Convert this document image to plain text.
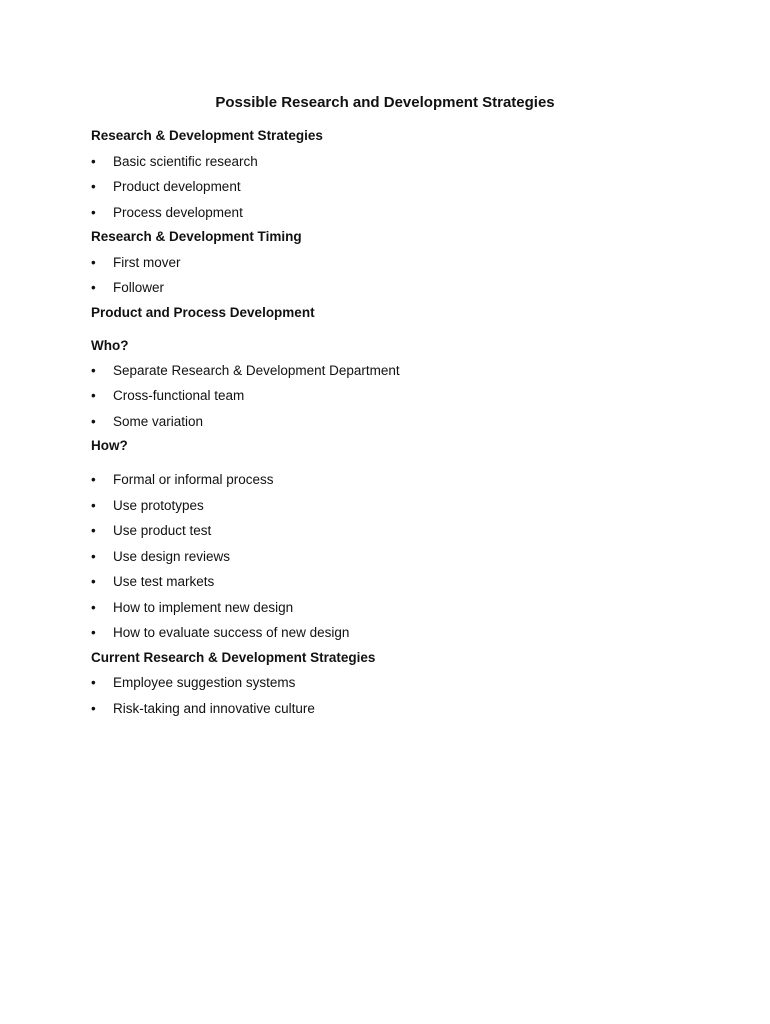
Possible Research and Development Strategies
Research & Development Strategies
•	Basic scientific research
•	Product development
•	Process development
Research & Development Timing
•	First mover
•	Follower
Product and Process Development
Who?
•	Separate Research & Development Department
•	Cross-functional team
•	Some variation
How?
•	Formal or informal process
•	Use prototypes
•	Use product test
•	Use design reviews
•	Use test markets
•	How to implement new design
•	How to evaluate success of new design
Current Research & Development Strategies
•	Employee suggestion systems
•	Risk-taking and innovative culture
